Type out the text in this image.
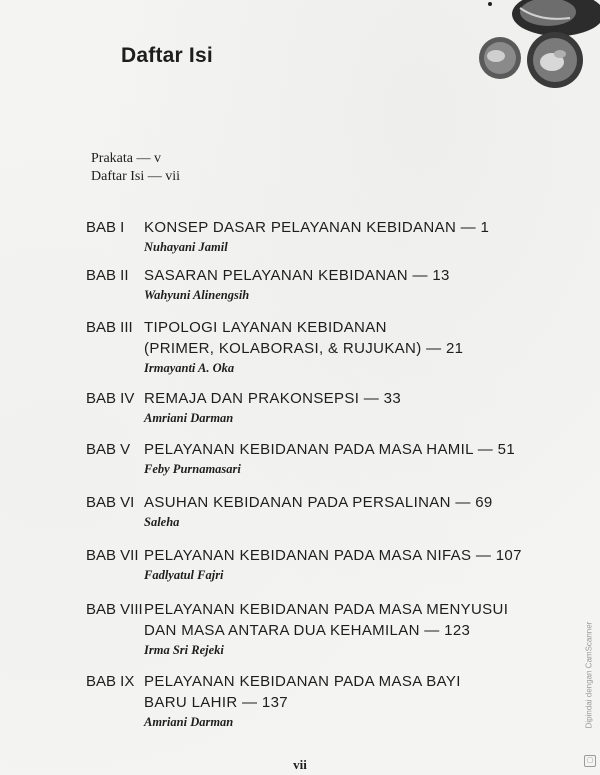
Daftar Isi
Prakata — v
Daftar Isi — vii
BAB I KONSEP DASAR PELAYANAN KEBIDANAN — 1
Nuhayani Jamil
BAB II SASARAN PELAYANAN KEBIDANAN — 13
Wahyuni Alinengsih
BAB III TIPOLOGI LAYANAN KEBIDANAN
(PRIMER, KOLABORASI, & RUJUKAN) — 21
Irmayanti A. Oka
BAB IV REMAJA DAN PRAKONSEPSI — 33
Amriani Darman
BAB V PELAYANAN KEBIDANAN PADA MASA HAMIL — 51
Feby Purnamasari
BAB VI ASUHAN KEBIDANAN PADA PERSALINAN — 69
Saleha
BAB VII PELAYANAN KEBIDANAN PADA MASA NIFAS — 107
Fadlyatul Fajri
BAB VIII PELAYANAN KEBIDANAN PADA MASA MENYUSUI
DAN MASA ANTARA DUA KEHAMILAN — 123
Irma Sri Rejeki
BAB IX PELAYANAN KEBIDANAN PADA MASA BAYI
BARU LAHIR — 137
Amriani Darman
vii
Dipindai dengan CamScanner
▢
